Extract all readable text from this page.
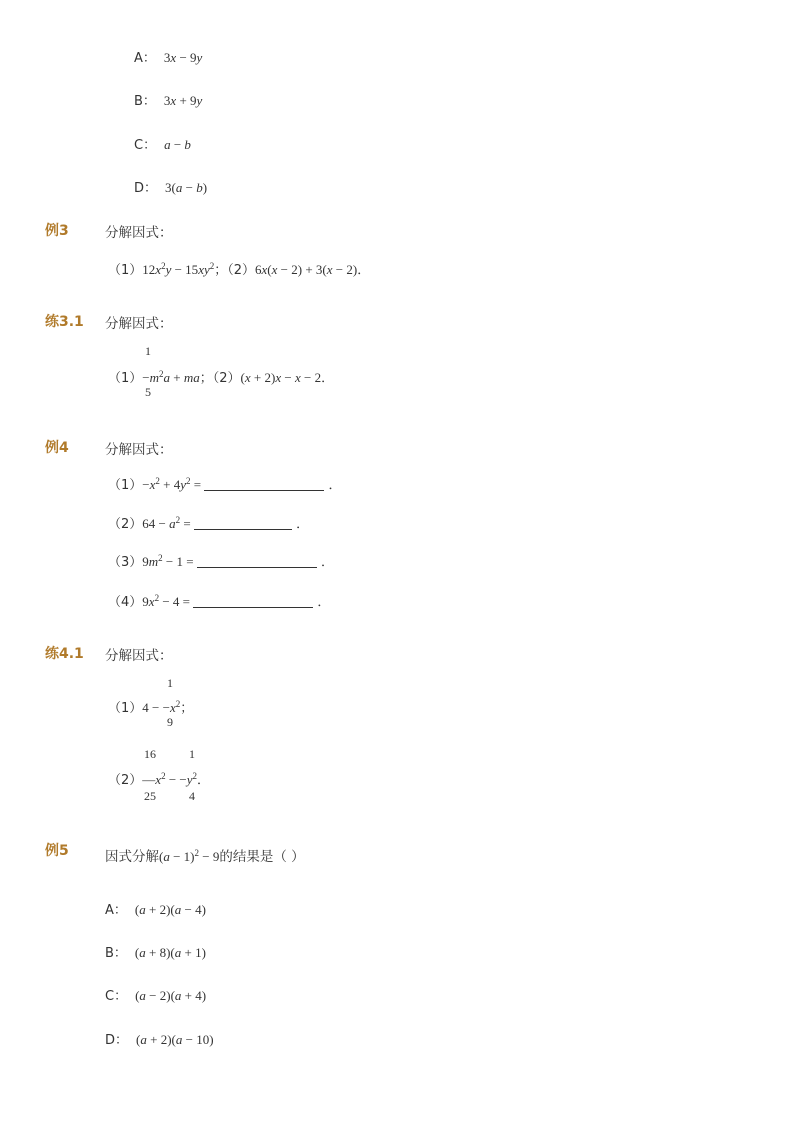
A： 3x − 9y
B： 3x + 9y
C： a − b
D： 3(a − b)
例3	分解因式：
$(1)12x^2y - 15xy^2$；（2）6x(x − 2) + 3(x − 2)．
练3.1 分解因式：
1
5
$(1)-m^2a$ + ma；（2）(x + 2)x − x − 2．
例4	分解因式：
$(1)-x^2 + 4y^2$ =	．
$(2)64 - a^2$ =	．
$(3)9m^2 - 1$ =	．
$(4)9x^2 - 4$ =	．
练4.1 分解因式：
1
9
$(1)4 - -x^2$；
16
25
1
4
$(2)—x^2 - -y^2$．
例5	因式分解$(a - 1)^2 - 9$的结果是（ ）
A： (a + 2)(a − 4)
B： (a + 8)(a + 1)
C： (a − 2)(a + 4)
D： (a + 2)(a − 10)
